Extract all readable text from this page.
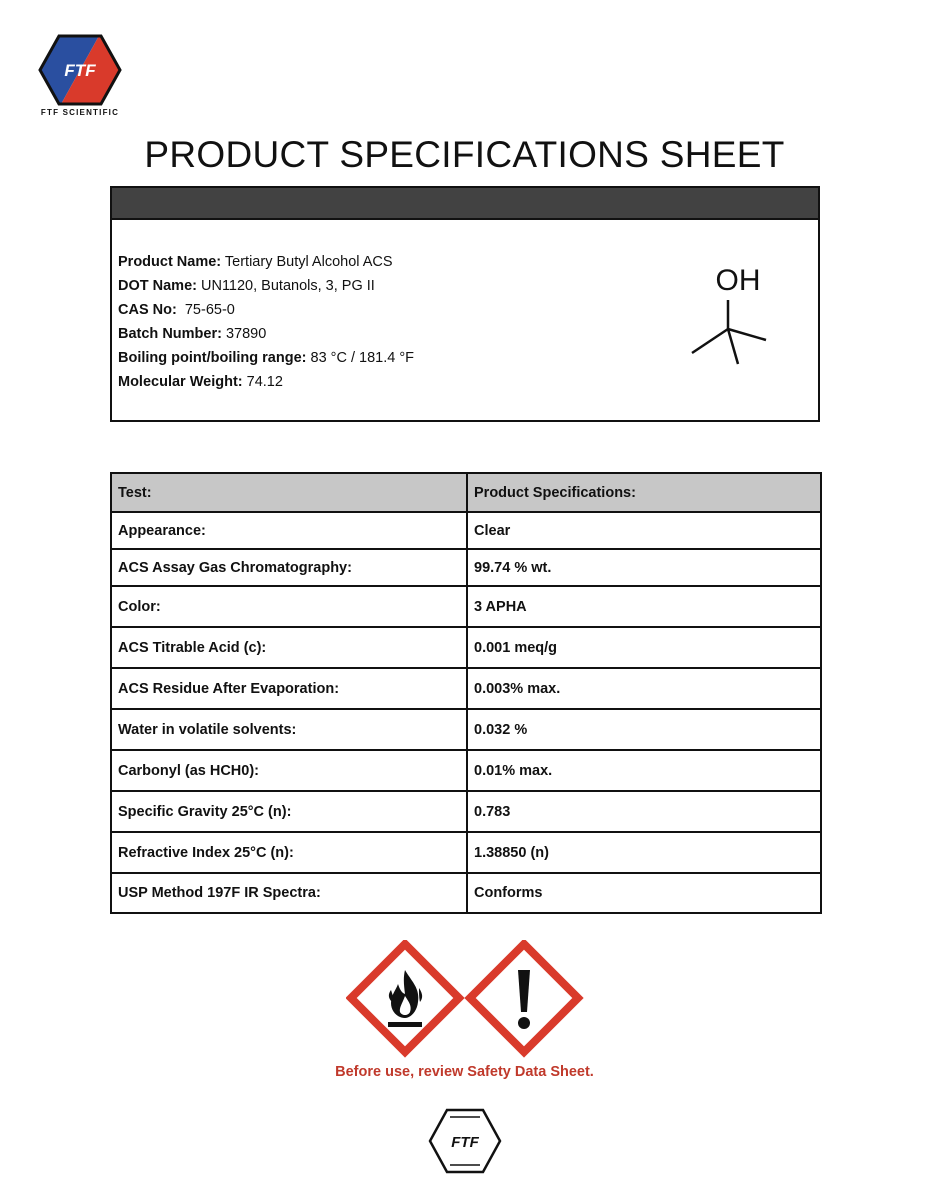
FTF
FTF SCIENTIFIC
PRODUCT SPECIFICATIONS SHEET
Product Name: Tertiary Butyl Alcohol ACS
DOT Name: UN1120, Butanols, 3, PG II
CAS No:  75-65-0
Batch Number: 37890
Boiling point/boiling range: 83 °C / 181.4 °F
Molecular Weight: 74.12
OH
Test:	Product Specifications:
Appearance:	Clear
ACS Assay Gas Chromatography:	99.74 % wt.
Color:	3 APHA
ACS Titrable Acid (c):	0.001 meq/g
ACS Residue After Evaporation:	0.003% max.
Water in volatile solvents:	0.032 %
Carbonyl (as HCH0):	0.01% max.
Specific Gravity 25°C (n):	0.783
Refractive Index 25°C (n):	1.38850 (n)
USP Method 197F IR Spectra:	Conforms
Before use, review Safety Data Sheet.
FTF
